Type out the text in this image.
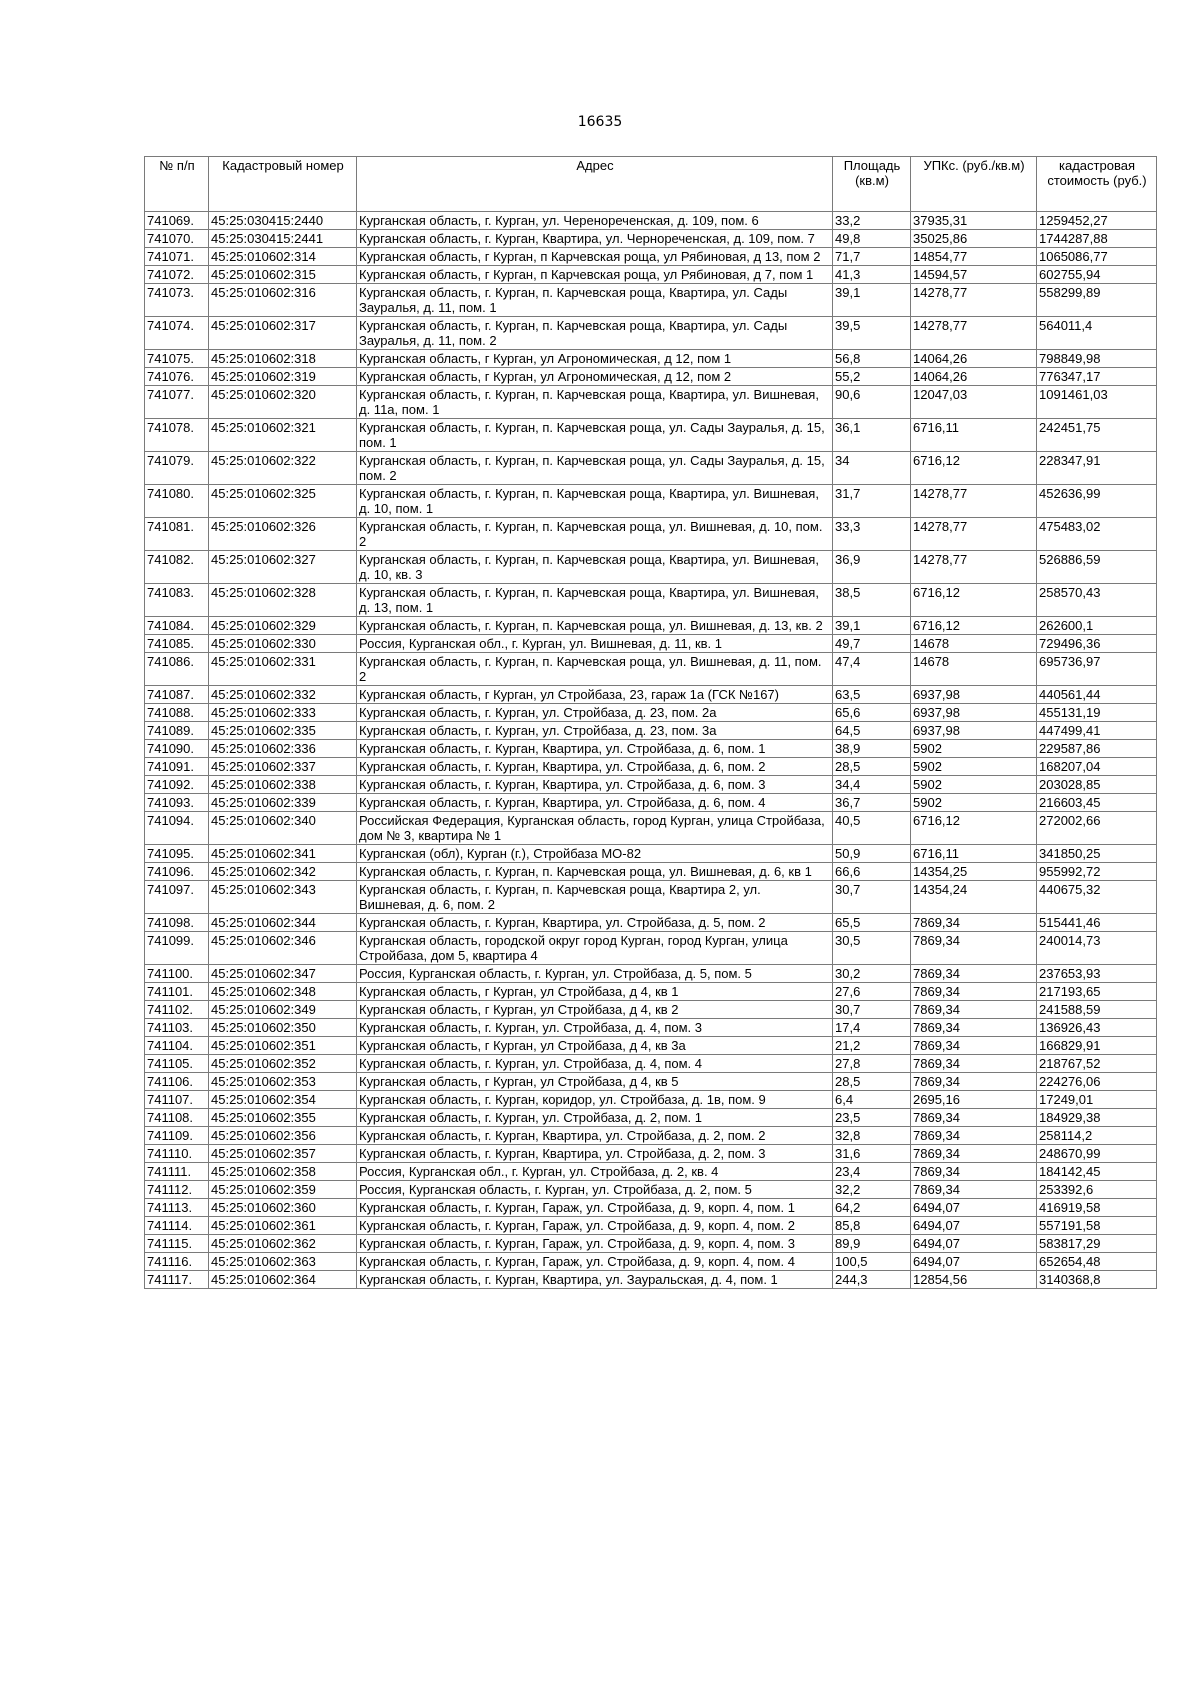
16635
№ п/п	Кадастровый номер	Адрес	Площадь (кв.м)	УПКс. (руб./кв.м)	кадастровая стоимость (руб.)
741069.	45:25:030415:2440	Курганская область, г. Курган, ул. Череноречeнская, д. 109, пом. 6	33,2	37935,31	1259452,27
741070.	45:25:030415:2441	Курганская область, г. Курган, Квартира, ул. Черноречeнская, д. 109, пом. 7	49,8	35025,86	1744287,88
741071.	45:25:010602:314	Курганская область, г Курган, п Карчевская роща, ул Рябиновая, д 13, пом 2	71,7	14854,77	1065086,77
741072.	45:25:010602:315	Курганская область, г Курган, п Карчевская роща, ул Рябиновая, д 7, пом 1	41,3	14594,57	602755,94
741073.	45:25:010602:316	Курганская область, г. Курган, п. Карчевская роща, Квартира, ул. Сады Зауралья, д. 11, пом. 1	39,1	14278,77	558299,89
741074.	45:25:010602:317	Курганская область, г. Курган, п. Карчевская роща, Квартира, ул. Сады Зауралья, д. 11, пом. 2	39,5	14278,77	564011,4
741075.	45:25:010602:318	Курганская область, г Курган, ул Агрономическая, д 12, пом 1	56,8	14064,26	798849,98
741076.	45:25:010602:319	Курганская область, г Курган, ул Агрономическая, д 12, пом 2	55,2	14064,26	776347,17
741077.	45:25:010602:320	Курганская область, г. Курган, п. Карчевская роща, Квартира, ул. Вишневая, д. 11а, пом. 1	90,6	12047,03	1091461,03
741078.	45:25:010602:321	Курганская область, г. Курган, п. Карчевская роща, ул. Сады Зауралья, д. 15, пом. 1	36,1	6716,11	242451,75
741079.	45:25:010602:322	Курганская область, г. Курган, п. Карчевская роща, ул. Сады Зауралья, д. 15, пом. 2	34	6716,12	228347,91
741080.	45:25:010602:325	Курганская область, г. Курган, п. Карчевская роща, Квартира, ул. Вишневая, д. 10, пом. 1	31,7	14278,77	452636,99
741081.	45:25:010602:326	Курганская область, г. Курган, п. Карчевская роща, ул. Вишневая, д. 10, пом. 2	33,3	14278,77	475483,02
741082.	45:25:010602:327	Курганская область, г. Курган, п. Карчевская роща, Квартира, ул. Вишневая, д. 10, кв. 3	36,9	14278,77	526886,59
741083.	45:25:010602:328	Курганская область, г. Курган, п. Карчевская роща, Квартира, ул. Вишневая, д. 13, пом. 1	38,5	6716,12	258570,43
741084.	45:25:010602:329	Курганская область, г. Курган, п. Карчевская роща, ул. Вишневая, д. 13, кв. 2	39,1	6716,12	262600,1
741085.	45:25:010602:330	Россия, Курганская обл., г. Курган, ул. Вишневая, д. 11, кв. 1	49,7	14678	729496,36
741086.	45:25:010602:331	Курганская область, г. Курган, п. Карчевская роща, ул. Вишневая, д. 11, пом. 2	47,4	14678	695736,97
741087.	45:25:010602:332	Курганская область, г Курган, ул Стройбаза, 23, гараж 1а (ГСК №167)	63,5	6937,98	440561,44
741088.	45:25:010602:333	Курганская область, г. Курган, ул. Стройбаза, д. 23, пом. 2а	65,6	6937,98	455131,19
741089.	45:25:010602:335	Курганская область, г. Курган, ул. Стройбаза, д. 23, пом. 3а	64,5	6937,98	447499,41
741090.	45:25:010602:336	Курганская область, г. Курган, Квартира, ул. Стройбаза, д. 6, пом. 1	38,9	5902	229587,86
741091.	45:25:010602:337	Курганская область, г. Курган, Квартира, ул. Стройбаза, д. 6, пом. 2	28,5	5902	168207,04
741092.	45:25:010602:338	Курганская область, г. Курган, Квартира, ул. Стройбаза, д. 6, пом. 3	34,4	5902	203028,85
741093.	45:25:010602:339	Курганская область, г. Курган, Квартира, ул. Стройбаза, д. 6, пом. 4	36,7	5902	216603,45
741094.	45:25:010602:340	Российская Федерация, Курганская область, город Курган, улица Стройбаза, дом № 3, квартира № 1	40,5	6716,12	272002,66
741095.	45:25:010602:341	Курганская (обл), Курган (г.), Стройбаза МО-82	50,9	6716,11	341850,25
741096.	45:25:010602:342	Курганская область, г. Курган, п. Карчевская роща, ул. Вишневая, д. 6, кв 1	66,6	14354,25	955992,72
741097.	45:25:010602:343	Курганская область, г. Курган, п. Карчевская роща, Квартира 2, ул. Вишневая, д. 6, пом. 2	30,7	14354,24	440675,32
741098.	45:25:010602:344	Курганская область, г. Курган, Квартира, ул. Стройбаза, д. 5, пом. 2	65,5	7869,34	515441,46
741099.	45:25:010602:346	Курганская область, городской округ город Курган, город Курган, улица Стройбаза, дом 5, квартира 4	30,5	7869,34	240014,73
741100.	45:25:010602:347	Россия, Курганская область, г. Курган, ул. Стройбаза, д. 5, пом. 5	30,2	7869,34	237653,93
741101.	45:25:010602:348	Курганская область, г Курган, ул Стройбаза, д 4, кв 1	27,6	7869,34	217193,65
741102.	45:25:010602:349	Курганская область, г Курган, ул Стройбаза, д 4, кв 2	30,7	7869,34	241588,59
741103.	45:25:010602:350	Курганская область, г. Курган, ул. Стройбаза, д. 4, пом. 3	17,4	7869,34	136926,43
741104.	45:25:010602:351	Курганская область, г Курган, ул Стройбаза, д 4, кв 3а	21,2	7869,34	166829,91
741105.	45:25:010602:352	Курганская область, г. Курган, ул. Стройбаза, д. 4, пом. 4	27,8	7869,34	218767,52
741106.	45:25:010602:353	Курганская область, г Курган, ул Стройбаза, д 4, кв 5	28,5	7869,34	224276,06
741107.	45:25:010602:354	Курганская область, г. Курган, коридор, ул. Стройбаза, д. 1в, пом. 9	6,4	2695,16	17249,01
741108.	45:25:010602:355	Курганская область, г. Курган, ул. Стройбаза, д. 2, пом. 1	23,5	7869,34	184929,38
741109.	45:25:010602:356	Курганская область, г. Курган, Квартира, ул. Стройбаза, д. 2, пом. 2	32,8	7869,34	258114,2
741110.	45:25:010602:357	Курганская область, г. Курган, Квартира, ул. Стройбаза, д. 2, пом. 3	31,6	7869,34	248670,99
741111.	45:25:010602:358	Россия, Курганская обл., г. Курган, ул. Стройбаза, д. 2, кв. 4	23,4	7869,34	184142,45
741112.	45:25:010602:359	Россия, Курганская область, г. Курган, ул. Стройбаза, д. 2, пом. 5	32,2	7869,34	253392,6
741113.	45:25:010602:360	Курганская область, г. Курган, Гараж, ул. Стройбаза, д. 9, корп. 4, пом. 1	64,2	6494,07	416919,58
741114.	45:25:010602:361	Курганская область, г. Курган, Гараж, ул. Стройбаза, д. 9, корп. 4, пом. 2	85,8	6494,07	557191,58
741115.	45:25:010602:362	Курганская область, г. Курган, Гараж, ул. Стройбаза, д. 9, корп. 4, пом. 3	89,9	6494,07	583817,29
741116.	45:25:010602:363	Курганская область, г. Курган, Гараж, ул. Стройбаза, д. 9, корп. 4, пом. 4	100,5	6494,07	652654,48
741117.	45:25:010602:364	Курганская область, г. Курган, Квартира, ул. Зауральская, д. 4, пом. 1	244,3	12854,56	3140368,8
